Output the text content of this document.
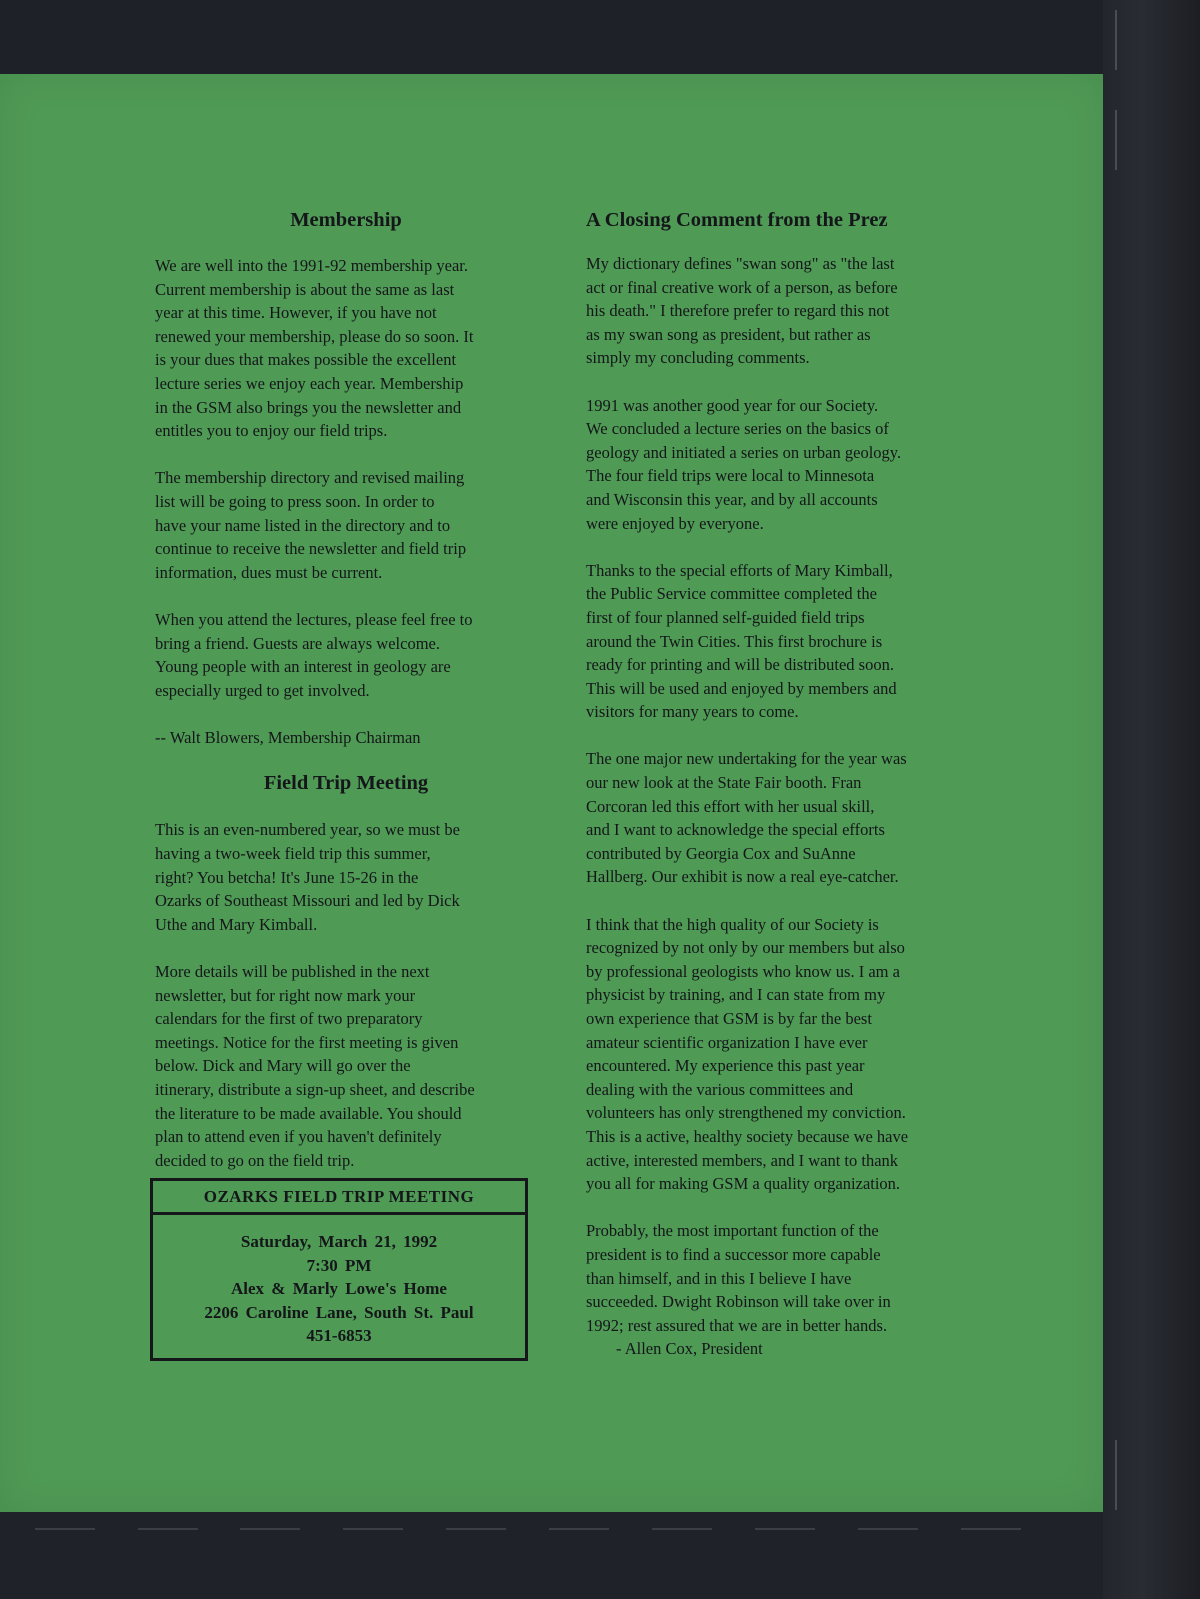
Membership

We are well into the 1991-92 membership year.
Current membership is about the same as last
year at this time. However, if you have not
renewed your membership, please do so soon. It
is your dues that makes possible the excellent
lecture series we enjoy each year. Membership
in the GSM also brings you the newsletter and
entitles you to enjoy our field trips.

The membership directory and revised mailing
list will be going to press soon. In order to
have your name listed in the directory and to
continue to receive the newsletter and field trip
information, dues must be current.

When you attend the lectures, please feel free to
bring a friend. Guests are always welcome.
Young people with an interest in geology are
especially urged to get involved.

-- Walt Blowers, Membership Chairman

Field Trip Meeting

This is an even-numbered year, so we must be
having a two-week field trip this summer,
right? You betcha! It's June 15-26 in the
Ozarks of Southeast Missouri and led by Dick
Uthe and Mary Kimball.

More details will be published in the next
newsletter, but for right now mark your
calendars for the first of two preparatory
meetings. Notice for the first meeting is given
below. Dick and Mary will go over the
itinerary, distribute a sign-up sheet, and describe
the literature to be made available. You should
plan to attend even if you haven't definitely
decided to go on the field trip.

OZARKS FIELD TRIP MEETING
Saturday, March 21, 1992
7:30 PM
Alex & Marly Lowe's Home
2206 Caroline Lane, South St. Paul
451-6853
A Closing Comment from the Prez

My dictionary defines "swan song" as "the last
act or final creative work of a person, as before
his death." I therefore prefer to regard this not
as my swan song as president, but rather as
simply my concluding comments.

1991 was another good year for our Society.
We concluded a lecture series on the basics of
geology and initiated a series on urban geology.
The four field trips were local to Minnesota
and Wisconsin this year, and by all accounts
were enjoyed by everyone.

Thanks to the special efforts of Mary Kimball,
the Public Service committee completed the
first of four planned self-guided field trips
around the Twin Cities. This first brochure is
ready for printing and will be distributed soon.
This will be used and enjoyed by members and
visitors for many years to come.

The one major new undertaking for the year was
our new look at the State Fair booth. Fran
Corcoran led this effort with her usual skill,
and I want to acknowledge the special efforts
contributed by Georgia Cox and SuAnne
Hallberg. Our exhibit is now a real eye-catcher.

I think that the high quality of our Society is
recognized by not only by our members but also
by professional geologists who know us. I am a
physicist by training, and I can state from my
own experience that GSM is by far the best
amateur scientific organization I have ever
encountered. My experience this past year
dealing with the various committees and
volunteers has only strengthened my conviction.
This is a active, healthy society because we have
active, interested members, and I want to thank
you all for making GSM a quality organization.

Probably, the most important function of the
president is to find a successor more capable
than himself, and in this I believe I have
succeeded. Dwight Robinson will take over in
1992; rest assured that we are in better hands.

- Allen Cox, President
